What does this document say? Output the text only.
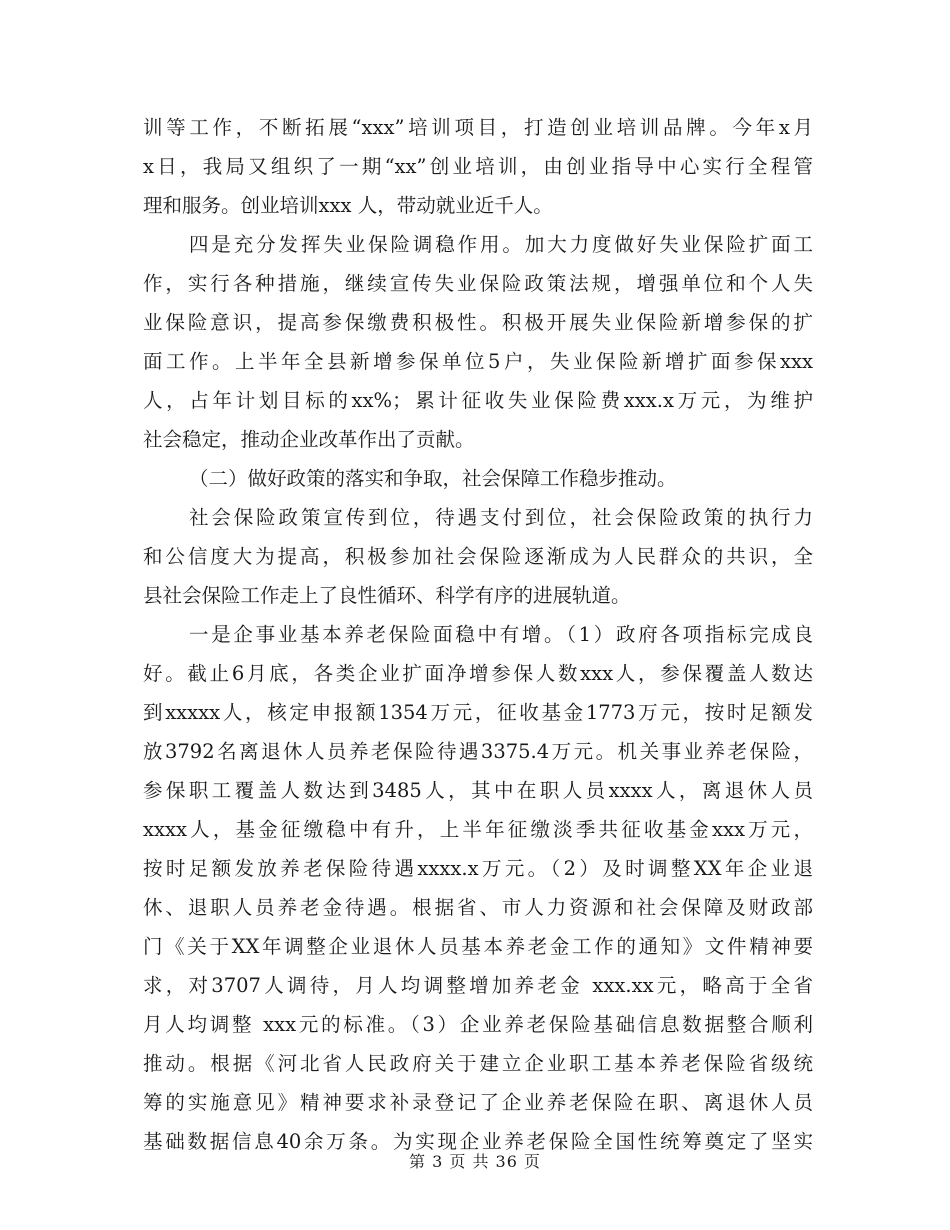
训等工作，不断拓展“xxx”培训项目，打造创业培训品牌。今年x月
x日，我局又组织了一期“xx”创业培训，由创业指导中心实行全程管
理和服务。创业培训xxx 人，带动就业近千人。
四是充分发挥失业保险调稳作用。加大力度做好失业保险扩面工
作，实行各种措施，继续宣传失业保险政策法规，增强单位和个人失
业保险意识，提高参保缴费积极性。积极开展失业保险新增参保的扩
面工作。上半年全县新增参保单位5户，失业保险新增扩面参保xxx
人，占年计划目标的xx%；累计征收失业保险费xxx.x万元，为维护
社会稳定，推动企业改革作出了贡献。
（二）做好政策的落实和争取，社会保障工作稳步推动。
社会保险政策宣传到位，待遇支付到位，社会保险政策的执行力
和公信度大为提高，积极参加社会保险逐渐成为人民群众的共识，全
县社会保险工作走上了良性循环、科学有序的进展轨道。
一是企事业基本养老保险面稳中有增。（1）政府各项指标完成良
好。截止6月底，各类企业扩面净增参保人数xxx人，参保覆盖人数达
到xxxxx人，核定申报额1354万元，征收基金1773万元，按时足额发
放3792名离退休人员养老保险待遇3375.4万元。机关事业养老保险，
参保职工覆盖人数达到3485人，其中在职人员xxxx人，离退休人员
xxxx人，基金征缴稳中有升，上半年征缴淡季共征收基金xxx万元，
按时足额发放养老保险待遇xxxx.x万元。（2）及时调整XX年企业退
休、退职人员养老金待遇。根据省、市人力资源和社会保障及财政部
门《关于XX年调整企业退休人员基本养老金工作的通知》文件精神要
求，对3707人调待，月人均调整增加养老金 xxx.xx元，略高于全省
月人均调整 xxx元的标准。（3）企业养老保险基础信息数据整合顺利
推动。根据《河北省人民政府关于建立企业职工基本养老保险省级统
筹的实施意见》精神要求补录登记了企业养老保险在职、离退休人员
基础数据信息40余万条。为实现企业养老保险全国性统筹奠定了坚实
第 3 页 共 36 页
